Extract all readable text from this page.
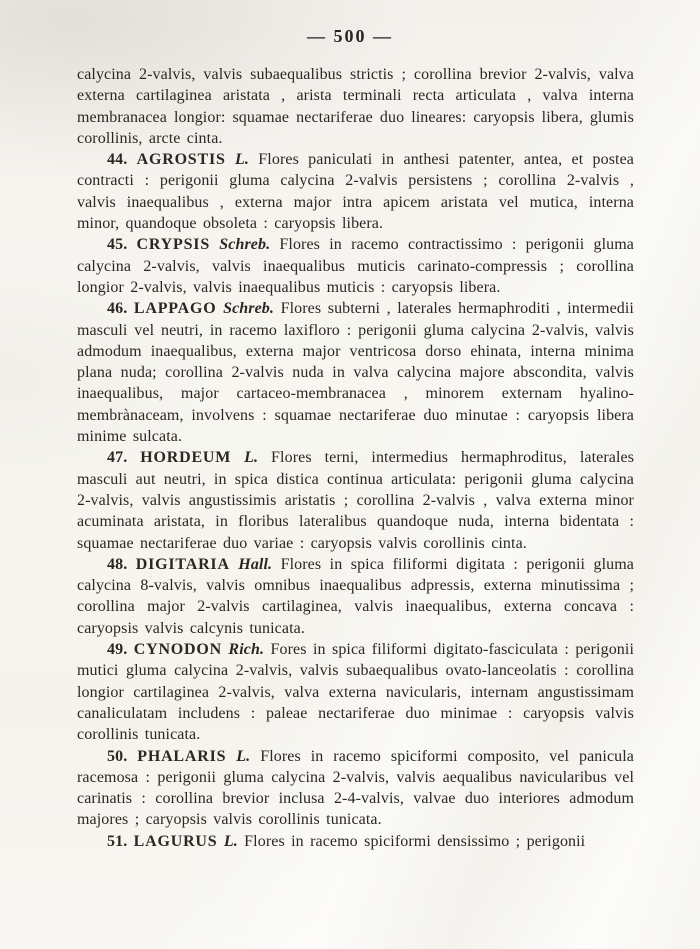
— 500 —

calycina 2-valvis, valvis subaequalibus strictis ; corollina brevior 2-valvis, valva externa cartilaginea aristata , arista terminali recta articulata , valva interna membranacea longior: squamae nectariferae duo lineares: caryopsis libera, glumis corollinis, arcte cinta.

44. AGROSTIS L. Flores paniculati in anthesi patenter, antea, et postea contracti : perigonii gluma calycina 2-valvis persistens ; corollina 2-valvis , valvis inaequalibus , externa major intra apicem aristata vel mutica, interna minor, quandoque obsoleta : caryopsis libera.

45. CRYPSIS Schreb. Flores in racemo contractissimo : perigonii gluma calycina 2-valvis, valvis inaequalibus muticis carinato-compressis ; corollina longior 2-valvis, valvis inaequalibus muticis : caryopsis libera.

46. LAPPAGO Schreb. Flores subterni , laterales hermaphroditi , intermedii masculi vel neutri, in racemo laxifloro : perigonii gluma calycina 2-valvis, valvis admodum inaequalibus, externa major ventricosa dorso ehinata, interna minima plana nuda; corollina 2-valvis nuda in valva calycina majore abscondita, valvis inaequalibus, major cartaceo-membranacea , minorem externam hyalino-membrànaceam, involvens : squamae nectariferae duo minutae : caryopsis libera minime sulcata.

47. HORDEUM L. Flores terni, intermedius hermaphroditus, laterales masculi aut neutri, in spica distica continua articulata: perigonii gluma calycina 2-valvis, valvis angustissimis aristatis ; corollina 2-valvis , valva externa minor acuminata aristata, in floribus lateralibus quandoque nuda, interna bidentata : squamae nectariferae duo variae : caryopsis valvis corollinis cinta.

48. DIGITARIA Hall. Flores in spica filiformi digitata : perigonii gluma calycina 8-valvis, valvis omnibus inaequalibus adpressis, externa minutissima ; corollina major 2-valvis cartilaginea, valvis inaequalibus, externa concava : caryopsis valvis calcynis tunicata.

49. CYNODON Rich. Fores in spica filiformi digitato-fasciculata : perigonii mutici gluma calycina 2-valvis, valvis subaequalibus ovato-lanceolatis : corollina longior cartilaginea 2-valvis, valva externa navicularis, internam angustissimam canaliculatam includens : paleae nectariferae duo minimae : caryopsis valvis corollinis tunicata.

50. PHALARIS L. Flores in racemo spiciformi composito, vel panicula racemosa : perigonii gluma calycina 2-valvis, valvis aequalibus navicularibus vel carinatis : corollina brevior inclusa 2-4-valvis, valvae duo interiores admodum majores ; caryopsis valvis corollinis tunicata.

51. LAGURUS L. Flores in racemo spiciformi densissimo ; perigonii
